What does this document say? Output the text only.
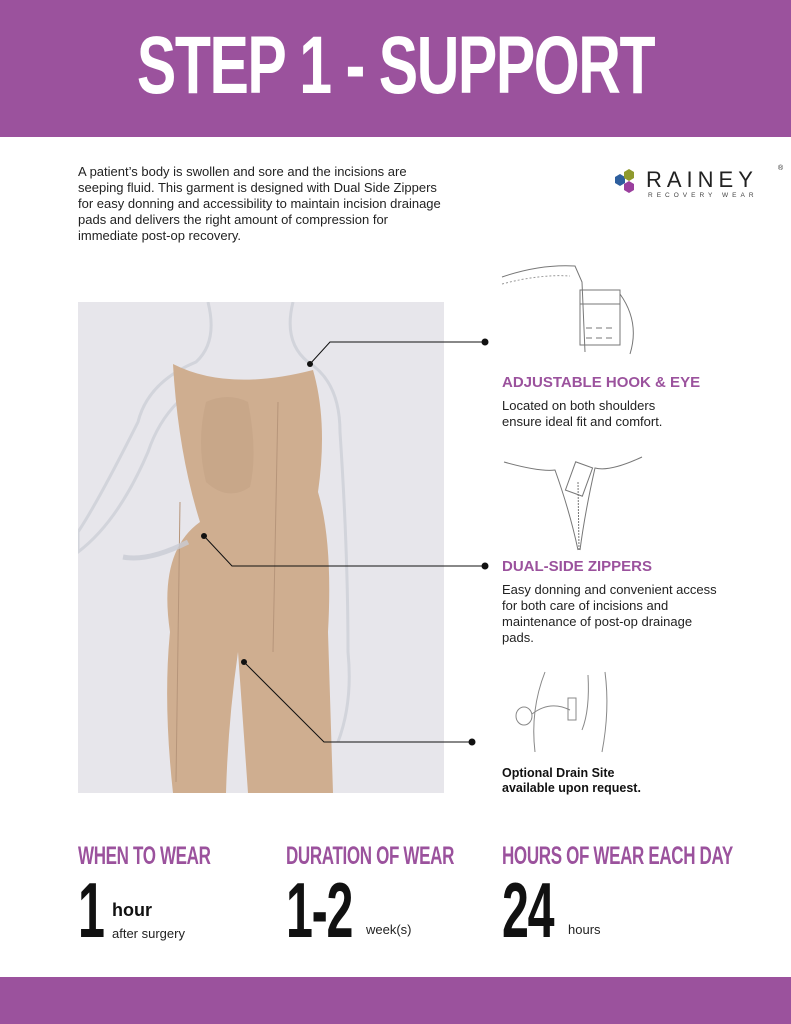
STEP 1 - SUPPORT
A patient’s body is swollen and sore and the incisions are seeping fluid. This garment is designed with Dual Side Zippers for easy donning and accessibility to maintain incision drainage pads and delivers the right amount of compression for immediate post-op recovery.
RAINEY	®
RECOVERY WEAR
ADJUSTABLE HOOK & EYE
Located on both shoulders ensure ideal fit and comfort.
DUAL-SIDE ZIPPERS
Easy donning and convenient access for both care of incisions and maintenance of post-op drainage pads.
Optional Drain Site
available upon request.
WHEN TO WEAR
1 hour
after surgery
DURATION OF WEAR
1-2 week(s)
HOURS OF WEAR EACH DAY
24 hours
